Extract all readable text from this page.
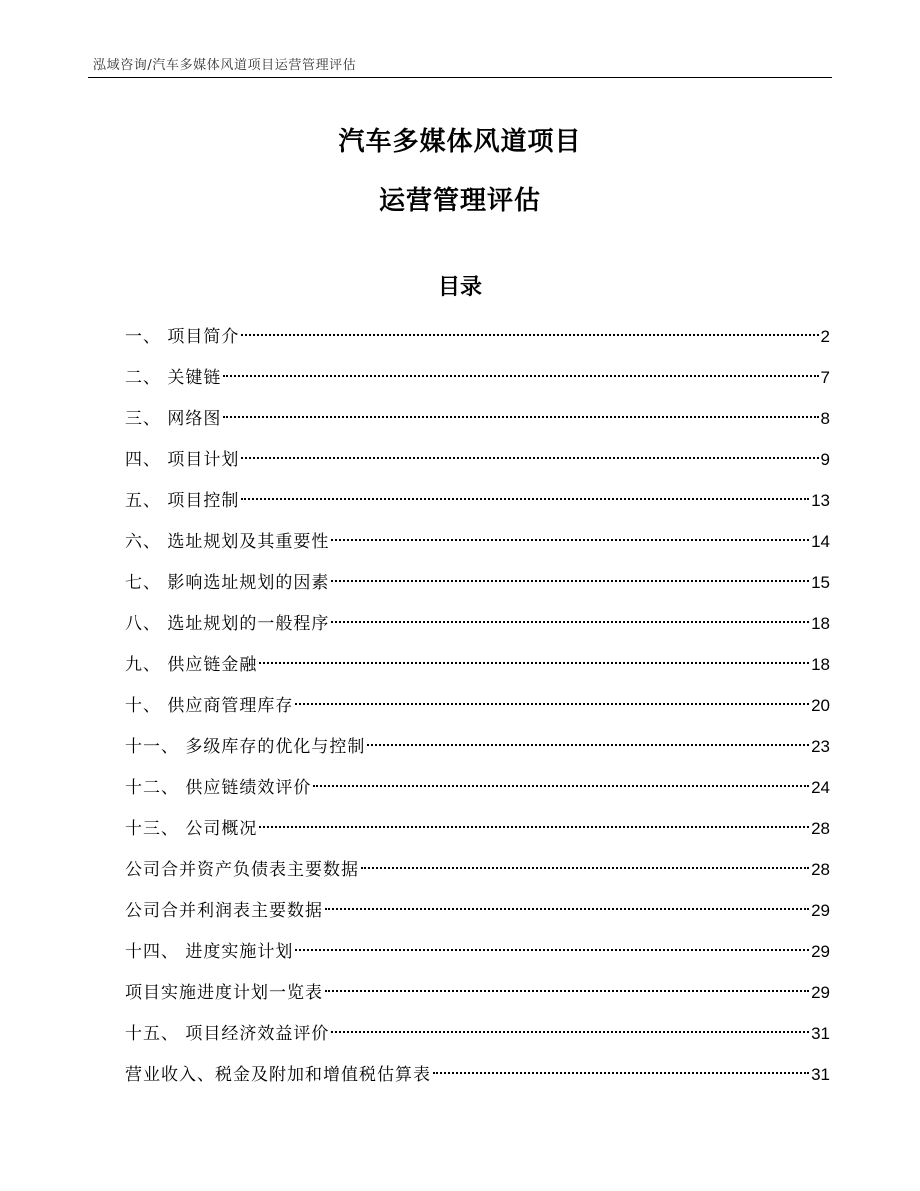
泓域咨询/汽车多媒体风道项目运营管理评估
汽车多媒体风道项目
运营管理评估
目录
一、 项目简介	2
二、 关键链	7
三、 网络图	8
四、 项目计划	9
五、 项目控制	13
六、 选址规划及其重要性	14
七、 影响选址规划的因素	15
八、 选址规划的一般程序	18
九、 供应链金融	18
十、 供应商管理库存	20
十一、 多级库存的优化与控制	23
十二、 供应链绩效评价	24
十三、 公司概况	28
公司合并资产负债表主要数据	28
公司合并利润表主要数据	29
十四、 进度实施计划	29
项目实施进度计划一览表	29
十五、 项目经济效益评价	31
营业收入、税金及附加和增值税估算表	31
